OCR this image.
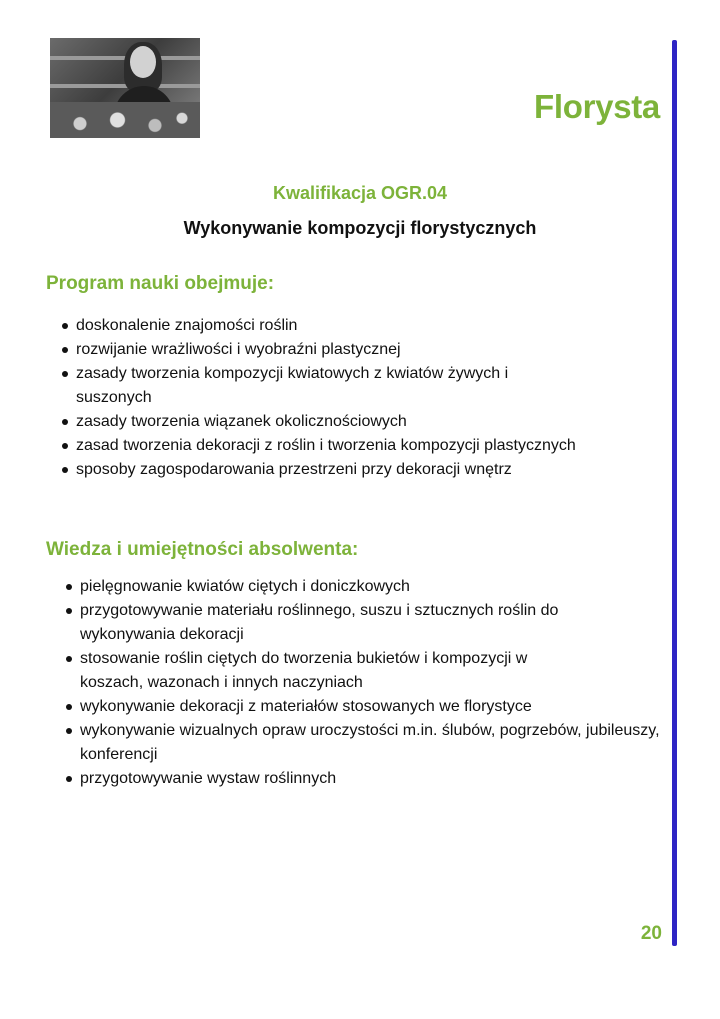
Florysta

Kwalifikacja OGR.04

Wykonywanie kompozycji florystycznych

Program nauki obejmuje:
doskonalenie znajomości roślin
rozwijanie wrażliwości i wyobraźni plastycznej
zasady tworzenia kompozycji kwiatowych z kwiatów żywych i suszonych
zasady tworzenia wiązanek okolicznościowych
zasad tworzenia dekoracji z roślin i tworzenia kompozycji plastycznych
sposoby zagospodarowania przestrzeni przy dekoracji wnętrz
Wiedza i umiejętności absolwenta:
pielęgnowanie kwiatów ciętych i doniczkowych
przygotowywanie materiału roślinnego, suszu i sztucznych roślin do wykonywania dekoracji
stosowanie roślin ciętych do tworzenia bukietów i kompozycji w koszach, wazonach i innych naczyniach
wykonywanie dekoracji z materiałów stosowanych we florystyce
wykonywanie wizualnych opraw uroczystości m.in. ślubów, pogrzebów, jubileuszy, konferencji
przygotowywanie wystaw roślinnych

20
